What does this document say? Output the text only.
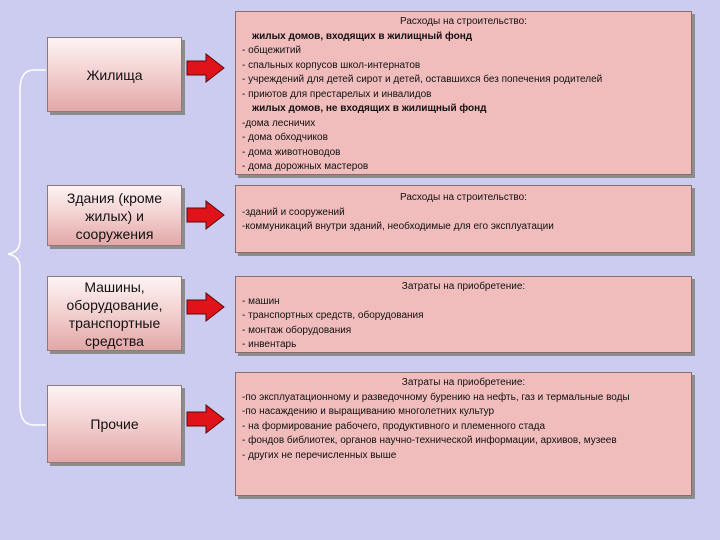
Жилища
Здания (кроме жилых) и сооружения
Машины, оборудование, транспортные средства
Прочие
Расходы на строительство:
жилых домов, входящих в жилищный фонд
- общежитий
- спальных корпусов школ-интернатов
- учреждений для детей сирот и детей, оставшихся без попечения родителей
- приютов для престарелых и инвалидов
жилых домов, не входящих в жилищный фонд
-дома лесничих
- дома обходчиков
- дома животноводов
- дома дорожных мастеров
Расходы на строительство:
-зданий и сооружений
-коммуникаций внутри зданий, необходимые для его эксплуатации
Затраты на приобретение:
- машин
- транспортных средств, оборудования
- монтаж оборудования
- инвентарь
Затраты на приобретение:
-по эксплуатационному и разведочному бурению на нефть, газ и термальные воды
-по насаждению и выращиванию многолетних культур
- на формирование рабочего, продуктивного и племенного стада
- фондов библиотек, органов научно-технической информации, архивов, музеев
- других не перечисленных выше
